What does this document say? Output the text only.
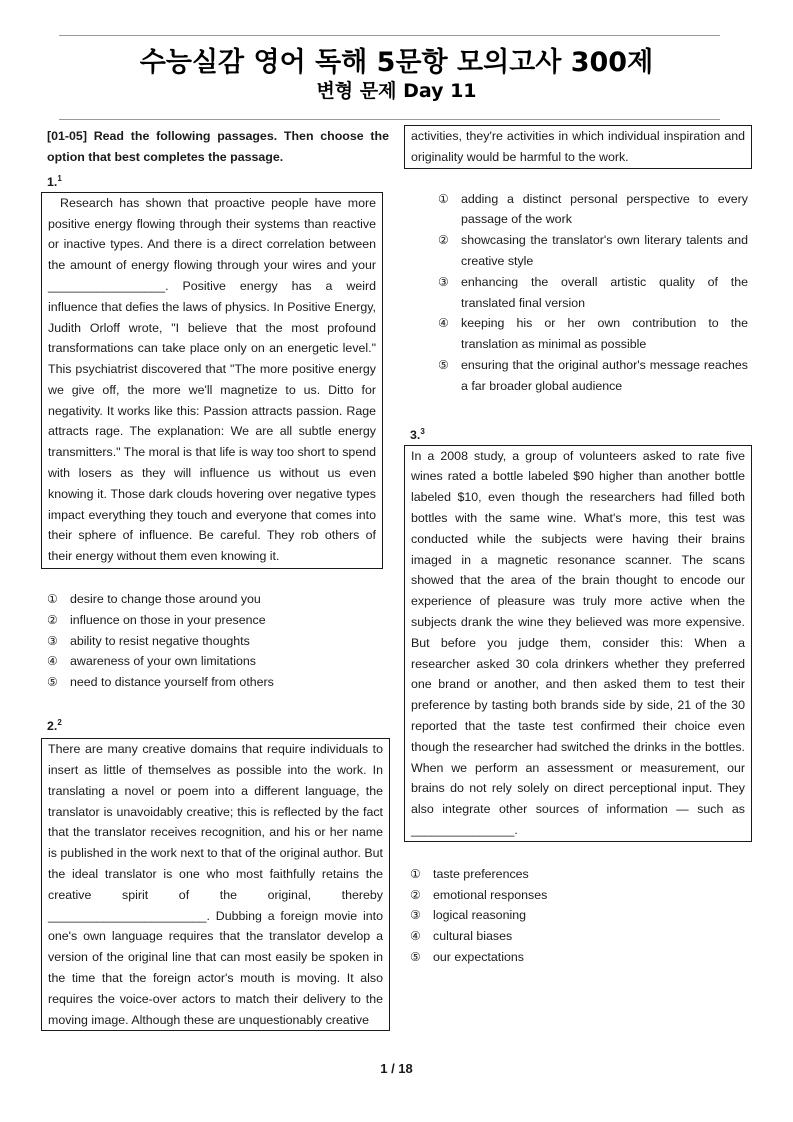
수능실감 영어 독해 5문항 모의고사 300제
변형 문제 Day 11
[01-05] Read the following passages. Then choose the option that best completes the passage.
1.$^1$
Research has shown that proactive people have more positive energy flowing through their systems than reactive or inactive types. And there is a direct correlation between the amount of energy flowing through your wires and your _________________. Positive energy has a weird influence that defies the laws of physics. In Positive Energy, Judith Orloff wrote, "I believe that the most profound transformations can take place only on an energetic level." This psychiatrist discovered that "The more positive energy we give off, the more we'll magnetize to us. Ditto for negativity. It works like this: Passion attracts passion. Rage attracts rage. The explanation: We are all subtle energy transmitters." The moral is that life is way too short to spend with losers as they will influence us without us even knowing it. Those dark clouds hovering over negative types impact everything they touch and everyone that comes into their sphere of influence. Be careful. They rob others of their energy without them even knowing it.
① desire to change those around you
② influence on those in your presence
③ ability to resist negative thoughts
④ awareness of your own limitations
⑤ need to distance yourself from others
2.$^2$
There are many creative domains that require individuals to insert as little of themselves as possible into the work. In translating a novel or poem into a different language, the translator is unavoidably creative; this is reflected by the fact that the translator receives recognition, and his or her name is published in the work next to that of the original author. But the ideal translator is one who most faithfully retains the creative spirit of the original, thereby _______________________. Dubbing a foreign movie into one's own language requires that the translator develop a version of the original line that can most easily be spoken in the time that the foreign actor's mouth is moving. It also requires the voice-over actors to match their delivery to the moving image. Although these are unquestionably creative
activities, they're activities in which individual inspiration and originality would be harmful to the work.
① adding a distinct personal perspective to every passage of the work
② showcasing the translator's own literary talents and creative style
③ enhancing the overall artistic quality of the translated final version
④ keeping his or her own contribution to the translation as minimal as possible
⑤ ensuring that the original author's message reaches a far broader global audience
3.$^3$
In a 2008 study, a group of volunteers asked to rate five wines rated a bottle labeled $90 higher than another bottle labeled $10, even though the researchers had filled both bottles with the same wine. What's more, this test was conducted while the subjects were having their brains imaged in a magnetic resonance scanner. The scans showed that the area of the brain thought to encode our experience of pleasure was truly more active when the subjects drank the wine they believed was more expensive. But before you judge them, consider this: When a researcher asked 30 cola drinkers whether they preferred one brand or another, and then asked them to test their preference by tasting both brands side by side, 21 of the 30 reported that the taste test confirmed their choice even though the researcher had switched the drinks in the bottles. When we perform an assessment or measurement, our brains do not rely solely on direct perceptional input. They also integrate other sources of information — such as _______________.
① taste preferences
② emotional responses
③ logical reasoning
④ cultural biases
⑤ our expectations
1 / 18
